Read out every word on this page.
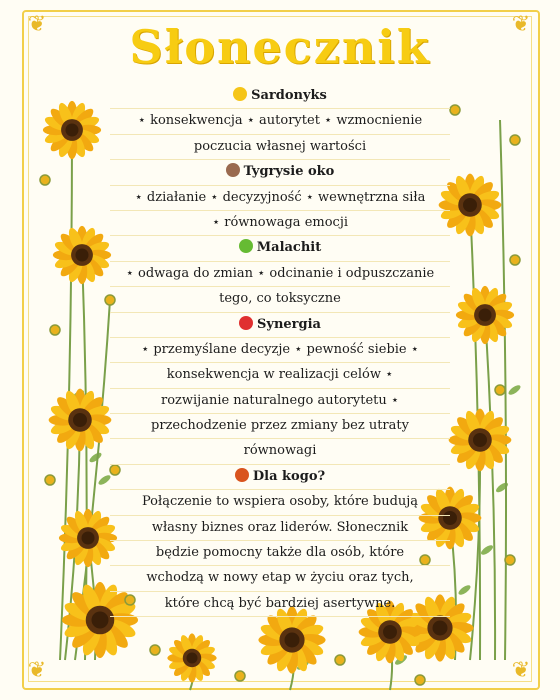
❦	❦
❦	❦
Słonecznik
Sardonyks
⋆ konsekwencja ⋆ autorytet ⋆ wzmocnienie
poczucia własnej wartości
Tygrysie oko
⋆ działanie ⋆ decyzyjność ⋆ wewnętrzna siła
⋆ równowaga emocji
Malachit
⋆ odwaga do zmian ⋆ odcinanie i odpuszczanie
tego, co toksyczne
Synergia
⋆ przemyślane decyzje ⋆ pewność siebie ⋆
konsekwencja w realizacji celów ⋆
rozwijanie naturalnego autorytetu ⋆
przechodzenie przez zmiany bez utraty
równowagi
Dla kogo?
Połączenie to wspiera osoby, które budują
własny biznes oraz liderów. Słonecznik
będzie pomocny także dla osób, które
wchodzą w nowy etap w życiu oraz tych,
które chcą być bardziej asertywne.
